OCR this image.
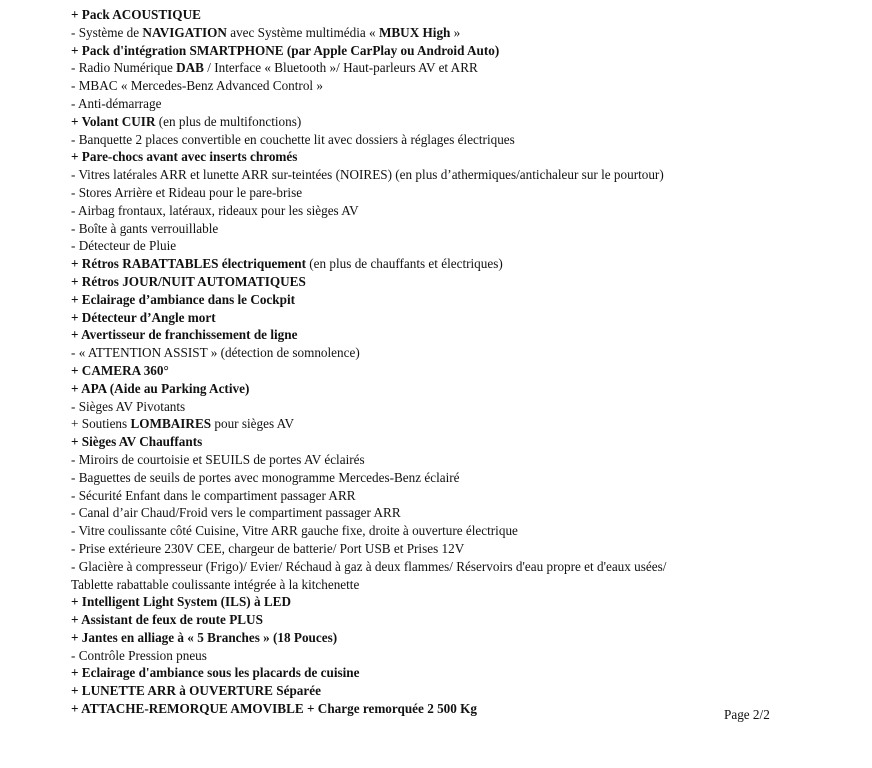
+ Pack ACOUSTIQUE
- Système de NAVIGATION avec Système multimédia « MBUX High »
+ Pack d'intégration SMARTPHONE (par Apple CarPlay ou Android Auto)
- Radio Numérique DAB / Interface « Bluetooth »/ Haut-parleurs AV et ARR
- MBAC « Mercedes-Benz Advanced Control »
- Anti-démarrage
+ Volant CUIR (en plus de multifonctions)
- Banquette 2 places convertible en couchette lit avec dossiers à réglages électriques
+ Pare-chocs avant avec inserts chromés
- Vitres latérales ARR et lunette ARR sur-teintées (NOIRES) (en plus d’athermiques/antichaleur sur le pourtour)
- Stores Arrière et Rideau pour le pare-brise
- Airbag frontaux, latéraux, rideaux pour les sièges AV
- Boîte à gants verrouillable
- Détecteur de Pluie
+ Rétros RABATTABLES électriquement (en plus de chauffants et électriques)
+ Rétros JOUR/NUIT AUTOMATIQUES
+ Eclairage d’ambiance dans le Cockpit
+ Détecteur d’Angle mort
+ Avertisseur de franchissement de ligne
- « ATTENTION ASSIST » (détection de somnolence)
+ CAMERA 360°
+ APA (Aide au Parking Active)
- Sièges AV Pivotants
+ Soutiens LOMBAIRES pour sièges AV
+ Sièges AV Chauffants
- Miroirs de courtoisie et SEUILS de portes AV éclairés
- Baguettes de seuils de portes avec monogramme Mercedes-Benz éclairé
- Sécurité Enfant dans le compartiment passager ARR
- Canal d’air Chaud/Froid vers le compartiment passager ARR
- Vitre coulissante côté Cuisine, Vitre ARR gauche fixe, droite à ouverture électrique
- Prise extérieure 230V CEE, chargeur de batterie/ Port USB et Prises 12V
- Glacière à compresseur (Frigo)/ Evier/ Réchaud à gaz à deux flammes/ Réservoirs d'eau propre et d'eaux usées/
Tablette rabattable coulissante intégrée à la kitchenette
+ Intelligent Light System (ILS) à LED
+ Assistant de feux de route PLUS
+ Jantes en alliage à « 5 Branches » (18 Pouces)
- Contrôle Pression pneus
+ Eclairage d'ambiance sous les placards de cuisine
+ LUNETTE ARR à OUVERTURE Séparée
+ ATTACHE-REMORQUE AMOVIBLE + Charge remorquée 2 500 Kg	Page 2/2
